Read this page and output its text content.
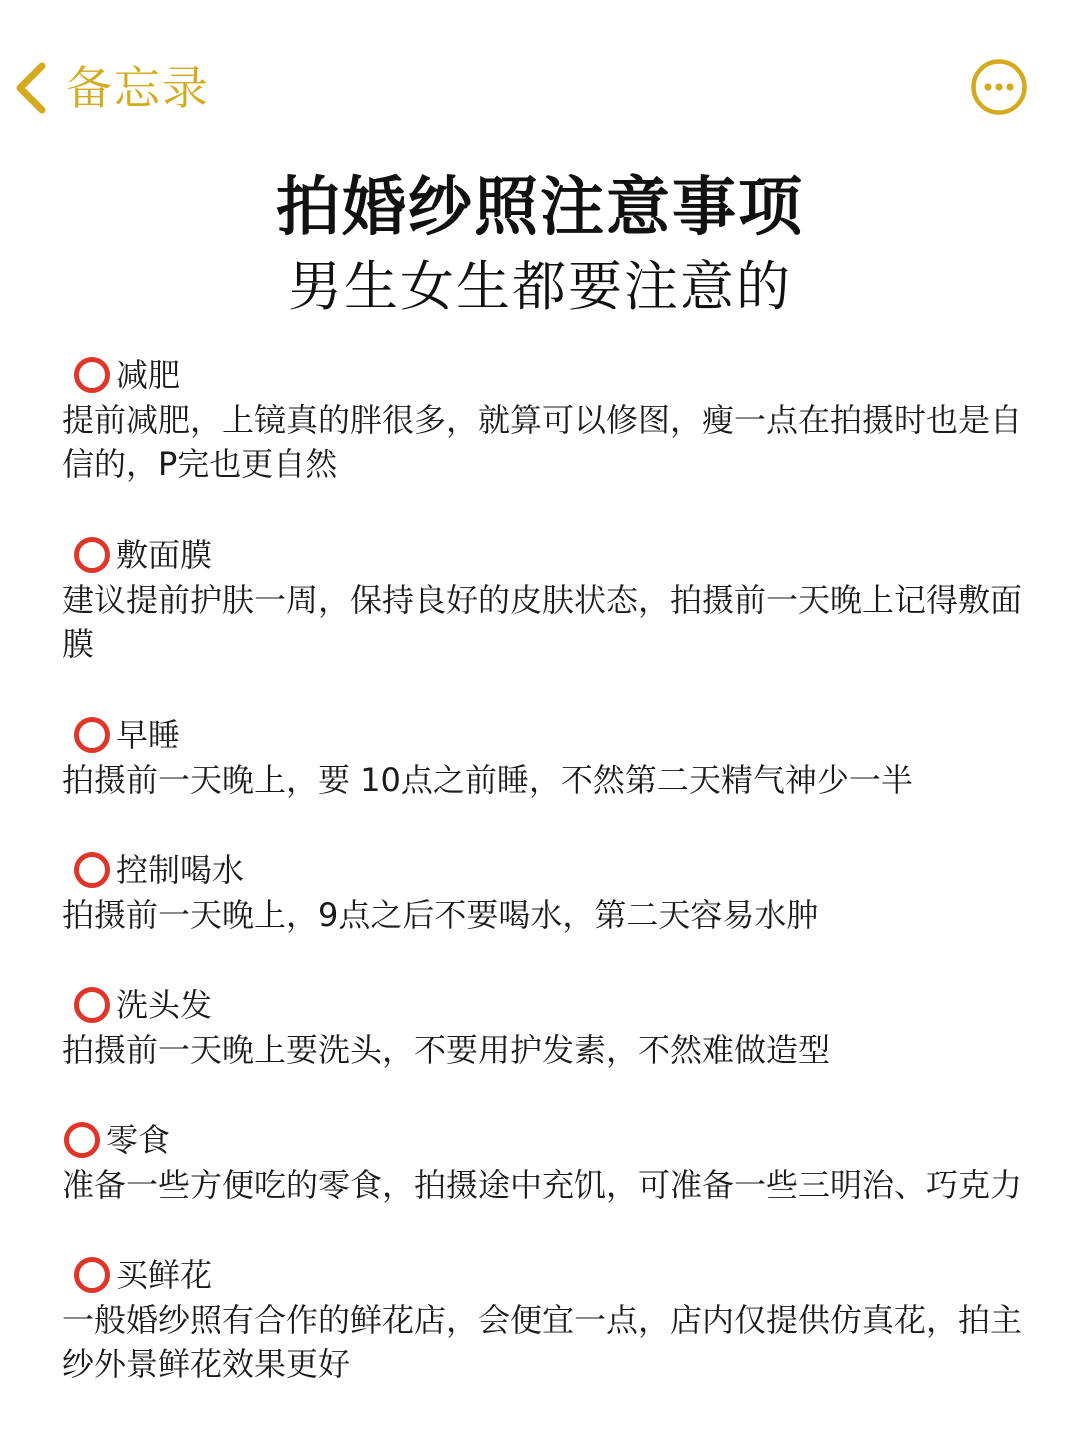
备忘录
拍婚纱照注意事项
男生女生都要注意的
减肥

提前减肥，上镜真的胖很多，就算可以修图，瘦一点在拍摄时也是自信的，P完也更自然

敷面膜

建议提前护肤一周，保持良好的皮肤状态，拍摄前一天晚上记得敷面膜

早睡

拍摄前一天晚上，要 10点之前睡，不然第二天精气神少一半

控制喝水

拍摄前一天晚上，9点之后不要喝水，第二天容易水肿

洗头发

拍摄前一天晚上要洗头，不要用护发素，不然难做造型

零食

准备一些方便吃的零食，拍摄途中充饥，可准备一些三明治、巧克力

买鲜花

一般婚纱照有合作的鲜花店，会便宜一点，店内仅提供仿真花，拍主纱外景鲜花效果更好
